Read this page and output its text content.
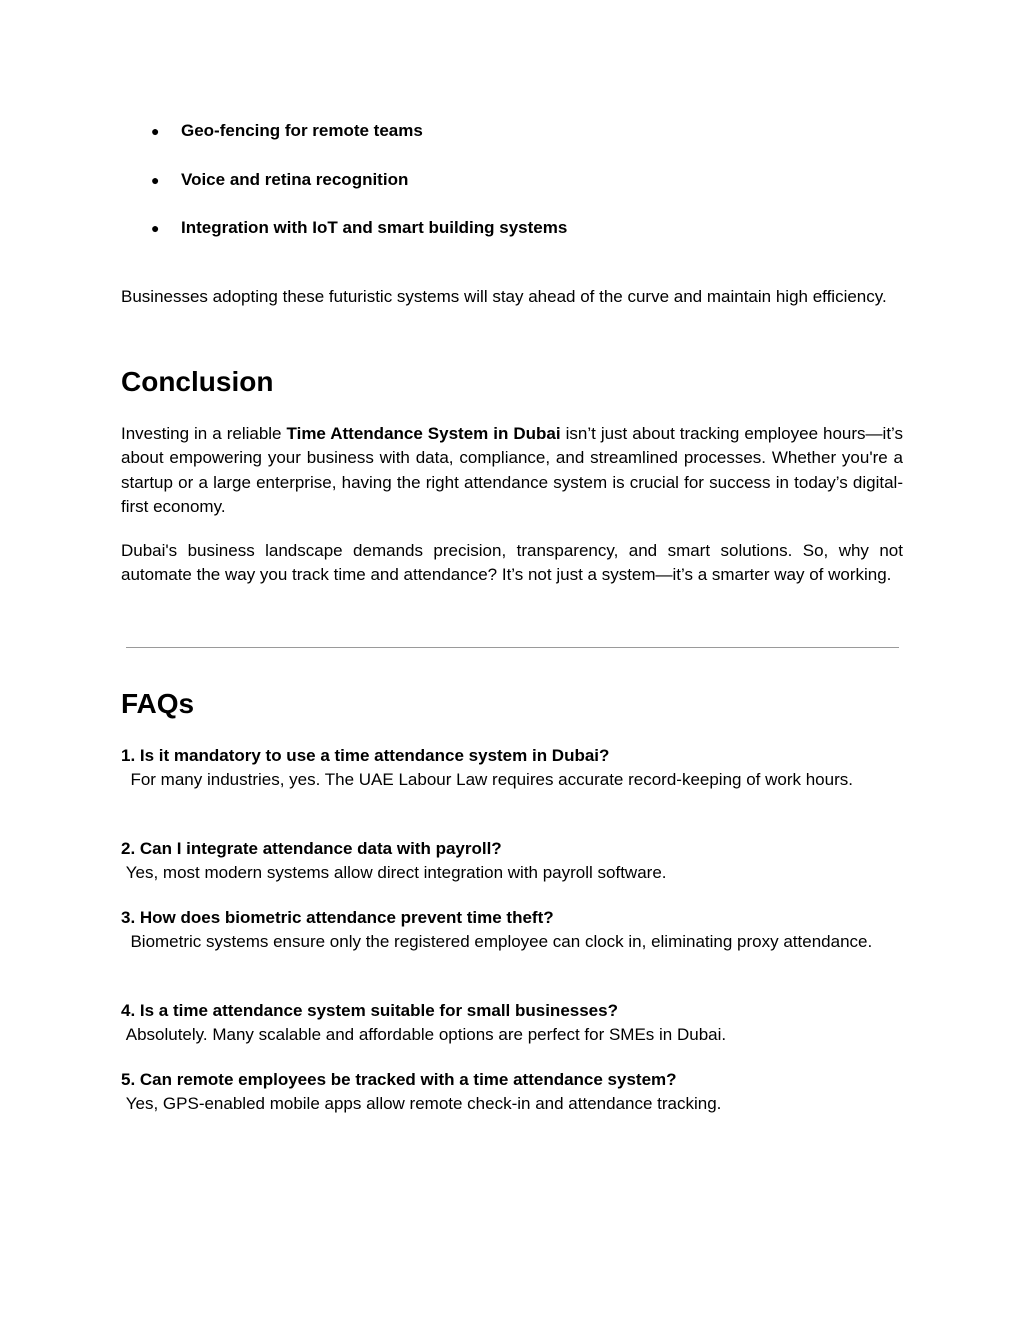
● Geo-fencing for remote teams
● Voice and retina recognition
● Integration with IoT and smart building systems

Businesses adopting these futuristic systems will stay ahead of the curve and maintain high efficiency.

Conclusion

Investing in a reliable Time Attendance System in Dubai isn’t just about tracking employee hours—it’s about empowering your business with data, compliance, and streamlined processes. Whether you're a startup or a large enterprise, having the right attendance system is crucial for success in today’s digital-first economy.

Dubai's business landscape demands precision, transparency, and smart solutions. So, why not automate the way you track time and attendance? It’s not just a system—it’s a smarter way of working.

FAQs

1. Is it mandatory to use a time attendance system in Dubai?

For many industries, yes. The UAE Labour Law requires accurate record-keeping of work hours.

2. Can I integrate attendance data with payroll?

Yes, most modern systems allow direct integration with payroll software.

3. How does biometric attendance prevent time theft?

Biometric systems ensure only the registered employee can clock in, eliminating proxy attendance.

4. Is a time attendance system suitable for small businesses?

Absolutely. Many scalable and affordable options are perfect for SMEs in Dubai.

5. Can remote employees be tracked with a time attendance system?

Yes, GPS-enabled mobile apps allow remote check-in and attendance tracking.
